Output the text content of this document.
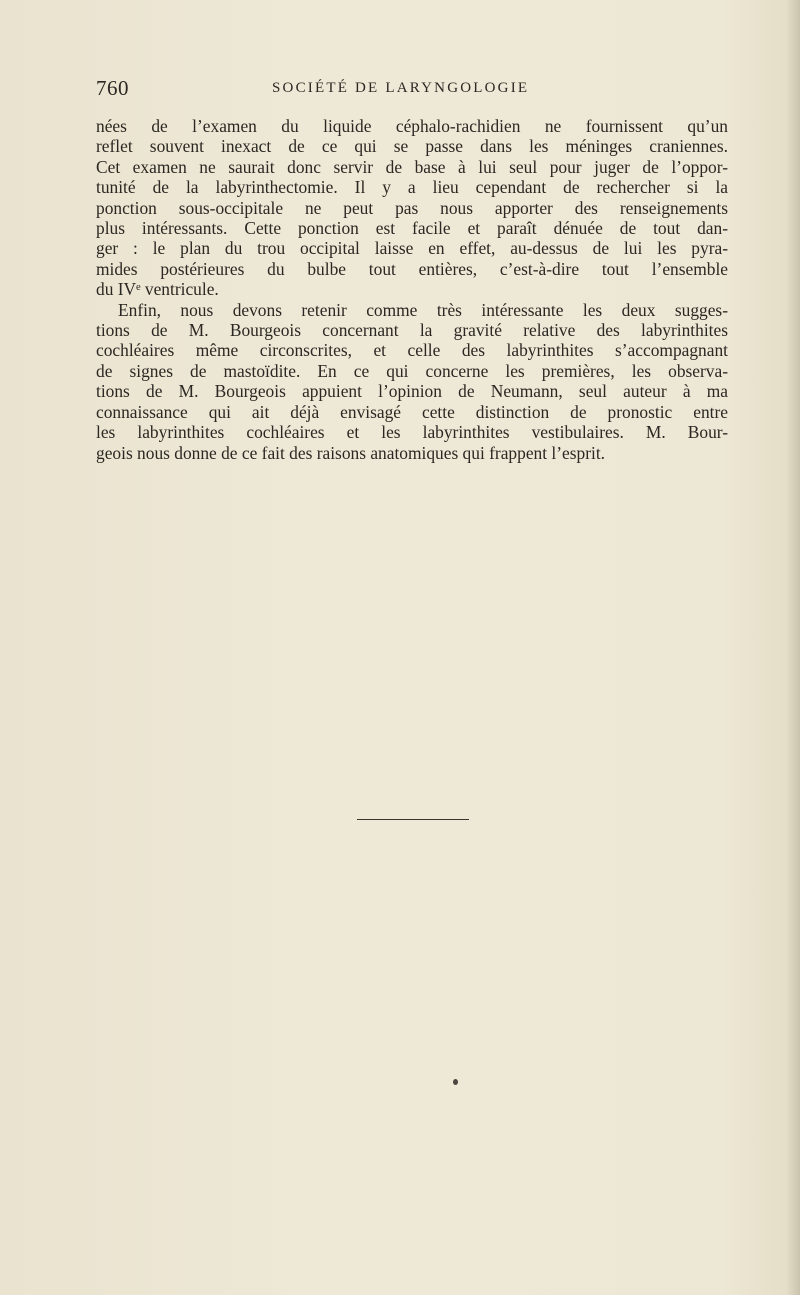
760	SOCIÉTÉ DE LARYNGOLOGIE

nées de l’examen du liquide céphalo-rachidien ne fournissent qu’un
reflet souvent inexact de ce qui se passe dans les méninges craniennes.
Cet examen ne saurait donc servir de base à lui seul pour juger de l’oppor-
tunité de la labyrinthectomie. Il y a lieu cependant de rechercher si la
ponction sous-occipitale ne peut pas nous apporter des renseignements
plus intéressants. Cette ponction est facile et paraît dénuée de tout dan-
ger : le plan du trou occipital laisse en effet, au-dessus de lui les pyra-
mides postérieures du bulbe tout entières, c’est-à-dire tout l’ensemble
du IVᵉ ventricule.

Enfin, nous devons retenir comme très intéressante les deux sugges-
tions de M. Bourgeois concernant la gravité relative des labyrinthites
cochléaires même circonscrites, et celle des labyrinthites s’accompagnant
de signes de mastoïdite. En ce qui concerne les premières, les observa-
tions de M. Bourgeois appuient l’opinion de Neumann, seul auteur à ma
connaissance qui ait déjà envisagé cette distinction de pronostic entre
les labyrinthites cochléaires et les labyrinthites vestibulaires. M. Bour-
geois nous donne de ce fait des raisons anatomiques qui frappent l’esprit.
